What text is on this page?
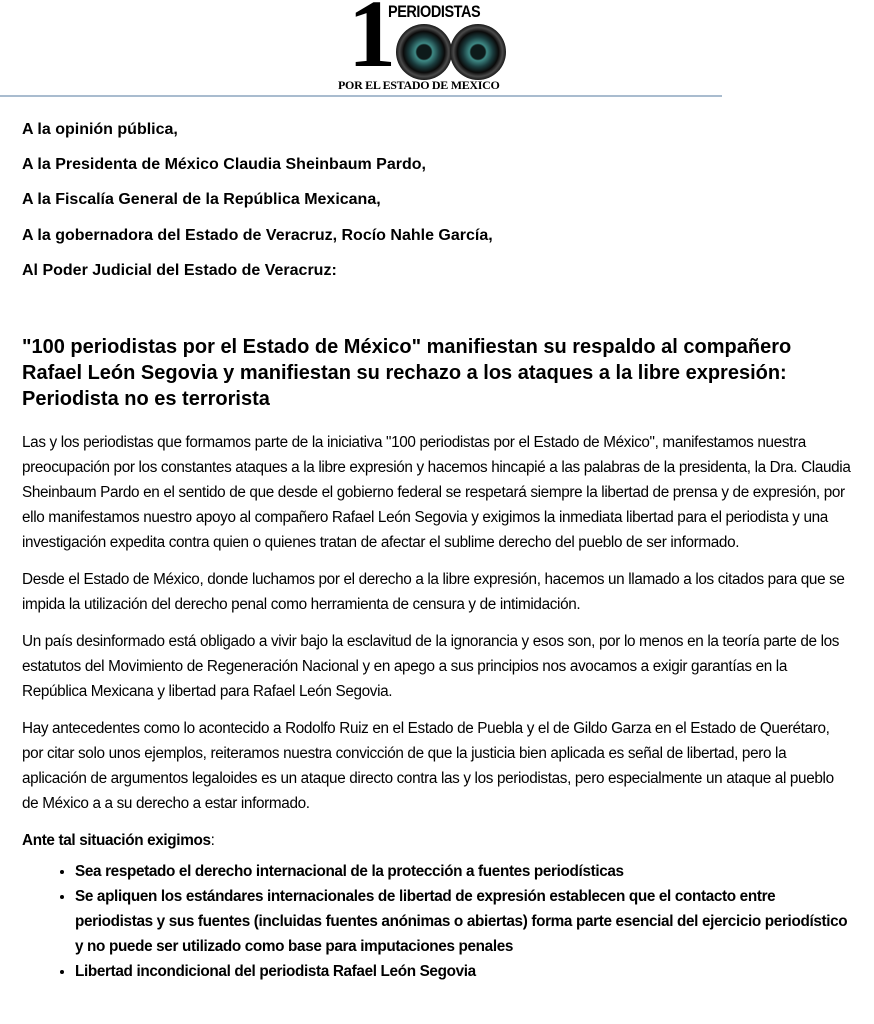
1
PERIODISTAS
POR EL ESTADO DE MEXICO
A la opinión pública,
A la Presidenta de México Claudia Sheinbaum Pardo,
A la Fiscalía General de la República Mexicana,
A la gobernadora del Estado de Veracruz, Rocío Nahle García,
Al Poder Judicial del Estado de Veracruz:
"100 periodistas por el Estado de México" manifiestan su respaldo al compañero Rafael León Segovia y manifiestan su rechazo a los ataques a la libre expresión: Periodista no es terrorista

Las y los periodistas que formamos parte de la iniciativa "100 periodistas por el Estado de México", manifestamos nuestra preocupación por los constantes ataques a la libre expresión y hacemos hincapié a las palabras de la presidenta, la Dra. Claudia Sheinbaum Pardo en el sentido de que desde el gobierno federal se respetará siempre la libertad de prensa y de expresión, por ello manifestamos nuestro apoyo al compañero Rafael León Segovia y exigimos la inmediata libertad para el periodista y una investigación expedita contra quien o quienes tratan de afectar el sublime derecho del pueblo de ser informado.

Desde el Estado de México, donde luchamos por el derecho a la libre expresión, hacemos un llamado a los citados para que se impida la utilización del derecho penal como herramienta de censura y de intimidación.

Un país desinformado está obligado a vivir bajo la esclavitud de la ignorancia y esos son, por lo menos en la teoría parte de los estatutos del Movimiento de Regeneración Nacional y en apego a sus principios nos avocamos a exigir garantías en la República Mexicana y libertad para Rafael León Segovia.

Hay antecedentes como lo acontecido a Rodolfo Ruiz en el Estado de Puebla y el de Gildo Garza en el Estado de Querétaro, por citar solo unos ejemplos, reiteramos nuestra convicción de que la justicia bien aplicada es señal de libertad, pero la aplicación de argumentos legaloides es un ataque directo contra las y los periodistas, pero especialmente un ataque al pueblo de México a a su derecho a estar informado.

Ante tal situación exigimos:

• Sea respetado el derecho internacional de la protección a fuentes periodísticas
• Se apliquen los estándares internacionales de libertad de expresión establecen que el contacto entre periodistas y sus fuentes (incluidas fuentes anónimas o abiertas) forma parte esencial del ejercicio periodístico y no puede ser utilizado como base para imputaciones penales
• Libertad incondicional del periodista Rafael León Segovia
